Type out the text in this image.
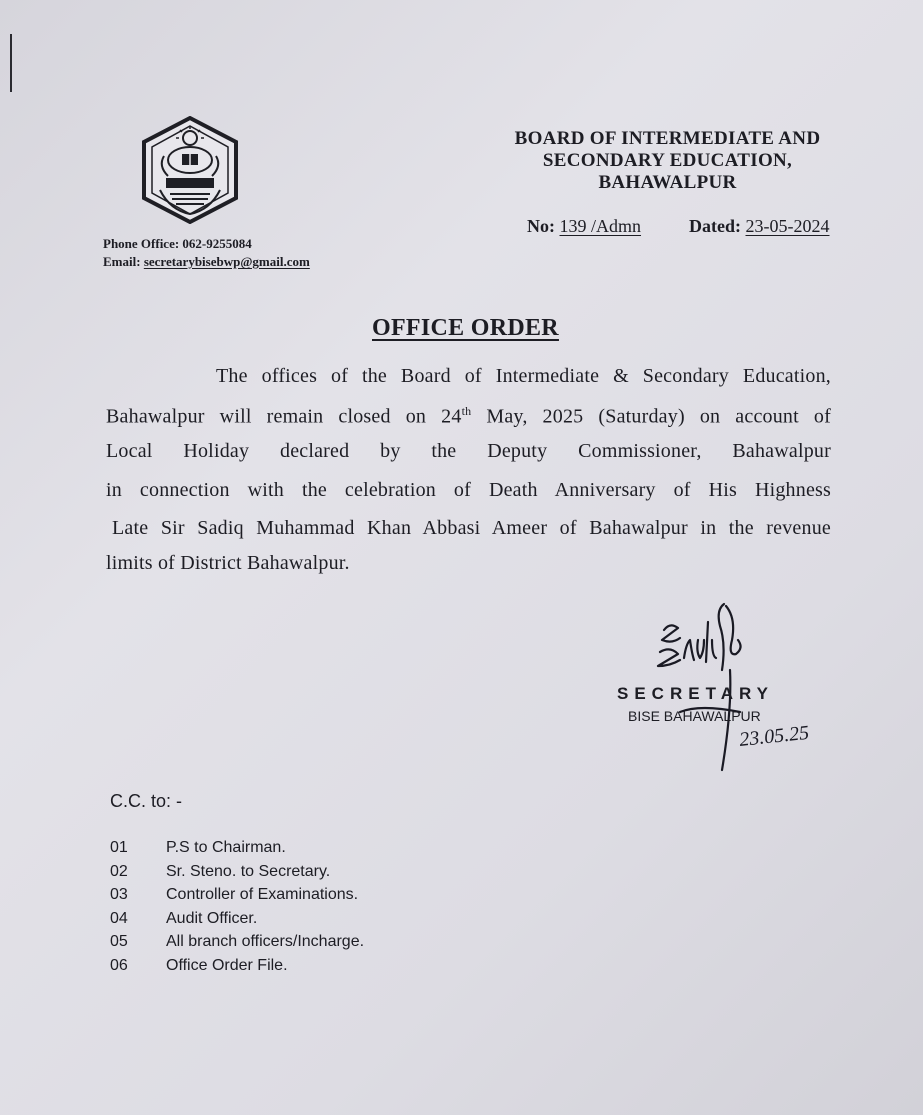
BOARD OF INTERMEDIATE AND
SECONDARY EDUCATION,
BAHAWALPUR
No: 139 /Admn	Dated: 23-05-2024
Phone Office: 062-9255084
Email: secretarybisebwp@gmail.com
OFFICE ORDER
The offices of the Board of Intermediate & Secondary Education,
Bahawalpur will remain closed on 24th May, 2025 (Saturday) on account of
Local Holiday declared by the Deputy Commissioner, Bahawalpur
in connection with the celebration of Death Anniversary of His Highness
Late Sir Sadiq Muhammad Khan Abbasi Ameer of Bahawalpur in the revenue
limits of District Bahawalpur.
23.05.25
SECRETARY
BISE BAHAWALPUR
C.C. to: -
01	P.S to Chairman.
02	Sr. Steno. to Secretary.
03	Controller of Examinations.
04	Audit Officer.
05	All branch officers/Incharge.
06	Office Order File.
